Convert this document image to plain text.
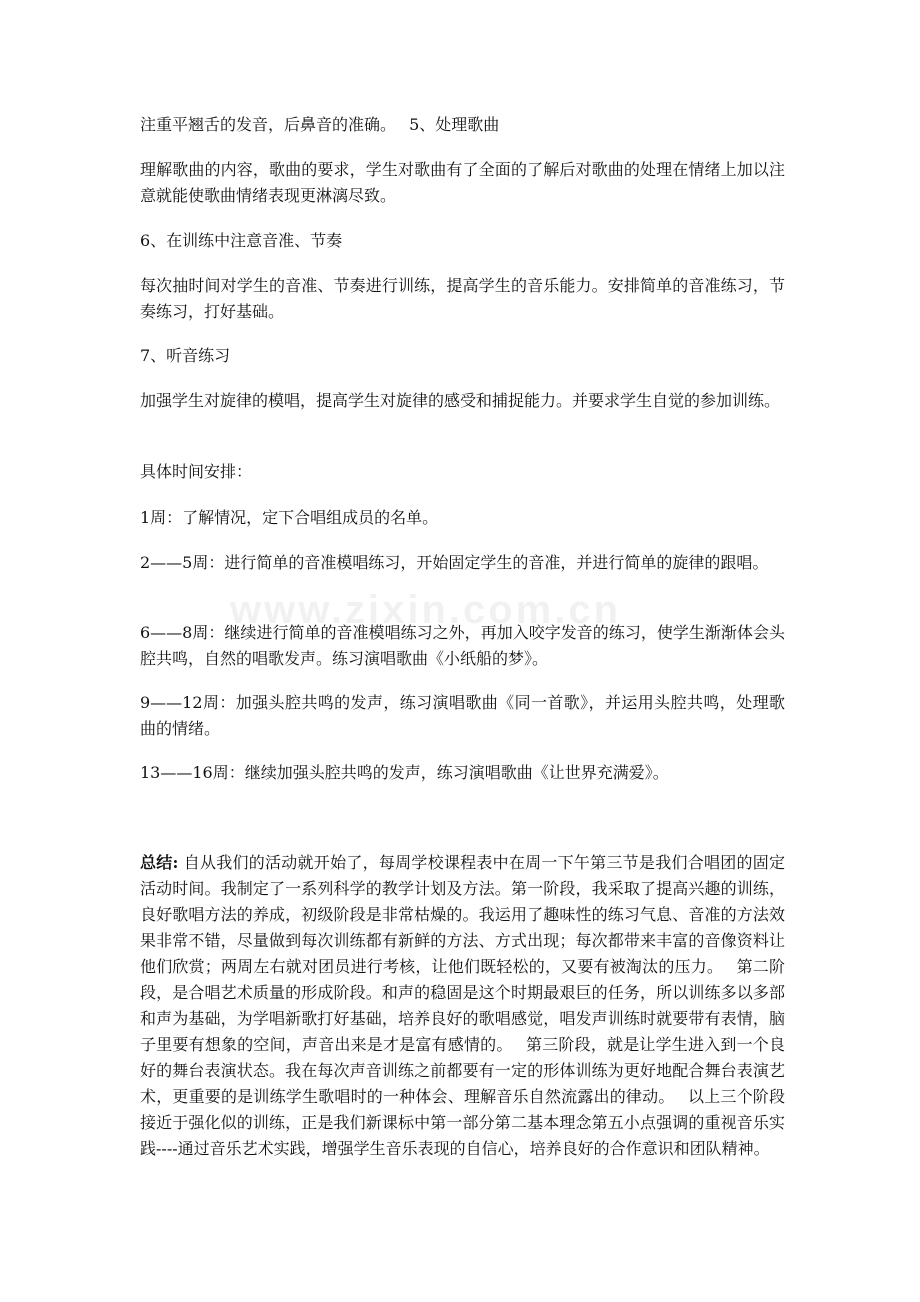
www.zixin.com.cn

注重平翘舌的发音，后鼻音的准确。　 5、处理歌曲

理解歌曲的内容，歌曲的要求，学生对歌曲有了全面的了解后对歌曲的处理在情绪上加以注意就能使歌曲情绪表现更淋漓尽致。

6、在训练中注意音准、节奏

每次抽时间对学生的音准、节奏进行训练，提高学生的音乐能力。安排简单的音准练习，节奏练习，打好基础。

7、听音练习

加强学生对旋律的模唱，提高学生对旋律的感受和捕捉能力。并要求学生自觉的参加训练。

具体时间安排：

1周：了解情况，定下合唱组成员的名单。

2——5周：进行简单的音准模唱练习，开始固定学生的音准，并进行简单的旋律的跟唱。

6——8周：继续进行简单的音准模唱练习之外，再加入咬字发音的练习，使学生渐渐体会头腔共鸣，自然的唱歌发声。练习演唱歌曲《小纸船的梦》。

9——12周：加强头腔共鸣的发声，练习演唱歌曲《同一首歌》，并运用头腔共鸣，处理歌曲的情绪。

13——16周：继续加强头腔共鸣的发声，练习演唱歌曲《让世界充满爱》。

总结: 自从我们的活动就开始了，每周学校课程表中在周一下午第三节是我们合唱团的固定活动时间。我制定了一系列科学的教学计划及方法。第一阶段，我采取了提高兴趣的训练，良好歌唱方法的养成，初级阶段是非常枯燥的。我运用了趣味性的练习气息、音准的方法效果非常不错，尽量做到每次训练都有新鲜的方法、方式出现；每次都带来丰富的音像资料让他们欣赏；两周左右就对团员进行考核，让他们既轻松的，又要有被淘汰的压力。　 第二阶段，是合唱艺术质量的形成阶段。和声的稳固是这个时期最艰巨的任务，所以训练多以多部和声为基础，为学唱新歌打好基础，培养良好的歌唱感觉，唱发声训练时就要带有表情，脑子里要有想象的空间，声音出来是才是富有感情的。　 第三阶段，就是让学生进入到一个良好的舞台表演状态。我在每次声音训练之前都要有一定的形体训练为更好地配合舞台表演艺术，更重要的是训练学生歌唱时的一种体会、理解音乐自然流露出的律动。　 以上三个阶段接近于强化似的训练，正是我们新课标中第一部分第二基本理念第五小点强调的重视音乐实践----通过音乐艺术实践，增强学生音乐表现的自信心，培养良好的合作意识和团队精神。
